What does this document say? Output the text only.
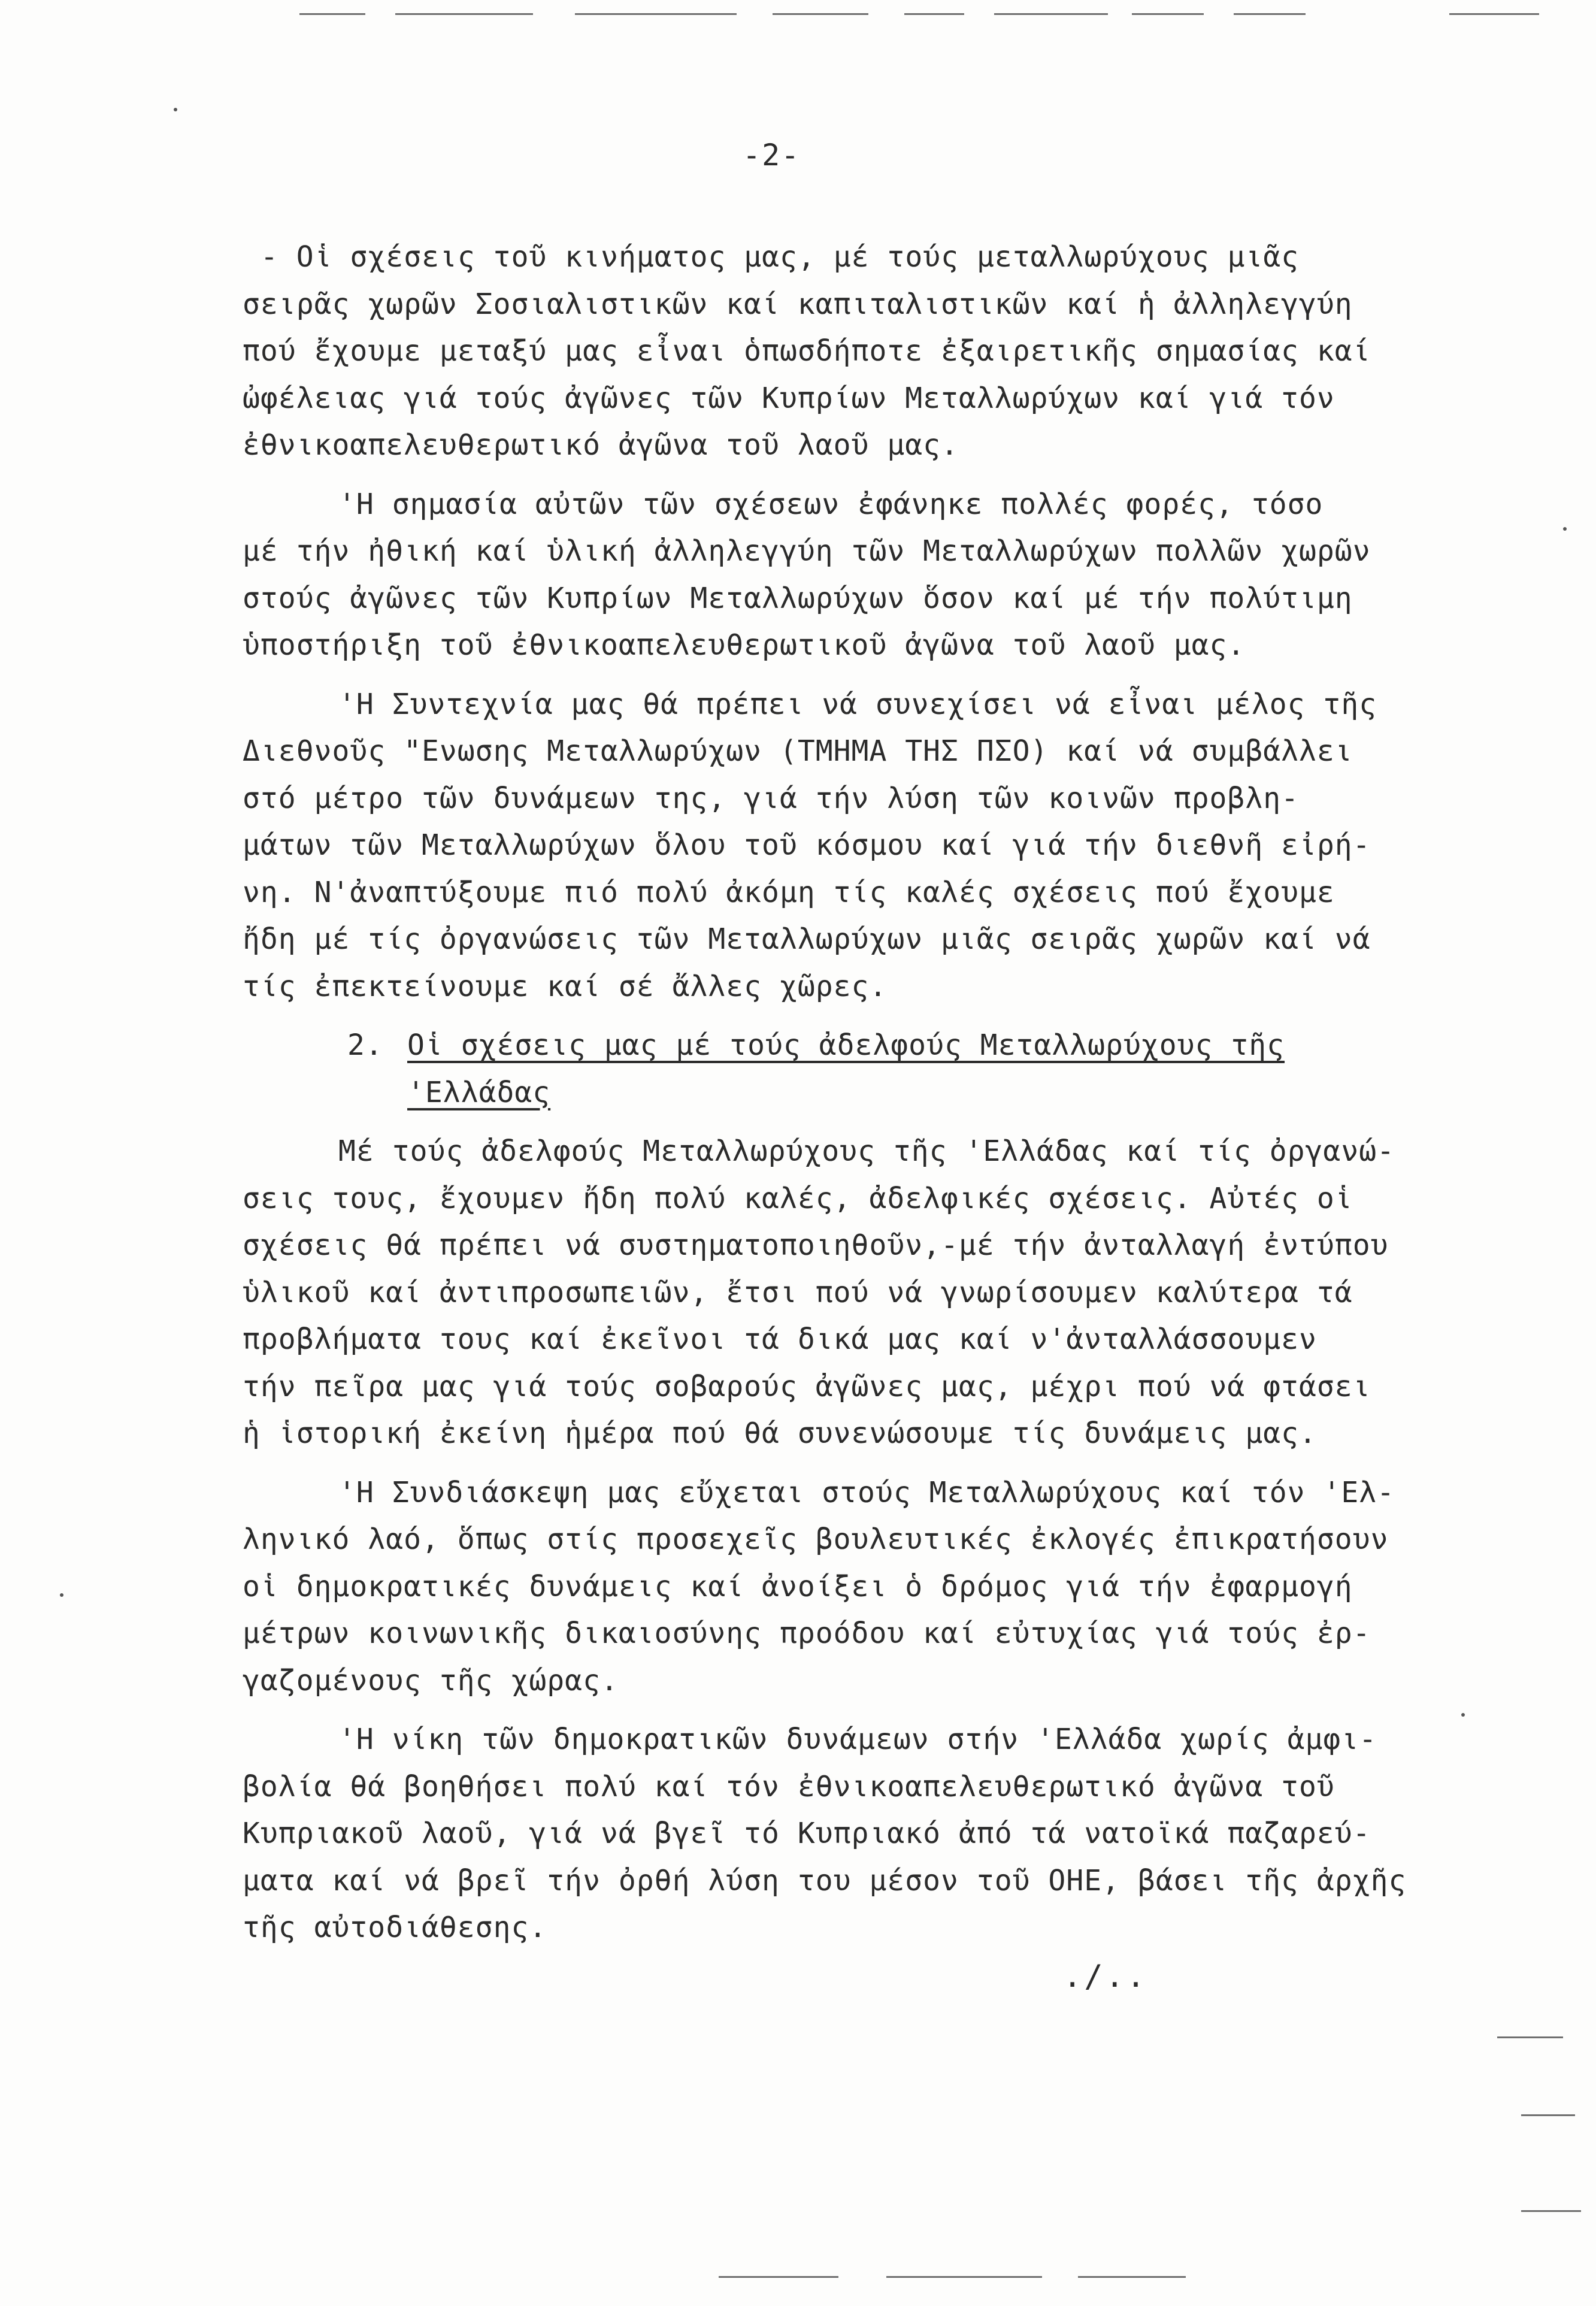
-2-
- Οἱ σχέσεις τοῦ κινήματος μας, μέ τούς μεταλλωρύχους μιᾶς
σειρᾶς χωρῶν Σοσιαλιστικῶν καί καπιταλιστικῶν καί ἡ ἀλληλεγγύη
πού ἔχουμε μεταξύ μας εἶναι ὁπωσδήποτε ἐξαιρετικῆς σημασίας καί
ὠφέλειας γιά τούς ἀγῶνες τῶν Κυπρίων Μεταλλωρύχων καί γιά τόν
ἐθνικοαπελευθερωτικό ἀγῶνα τοῦ λαοῦ μας.
'Η σημασία αὐτῶν τῶν σχέσεων ἐφάνηκε πολλές φορές, τόσο
μέ τήν ἠθική καί ὑλική ἀλληλεγγύη τῶν Μεταλλωρύχων πολλῶν χωρῶν
στούς ἀγῶνες τῶν Κυπρίων Μεταλλωρύχων ὅσον καί μέ τήν πολύτιμη
ὑποστήριξη τοῦ ἐθνικοαπελευθερωτικοῦ ἀγῶνα τοῦ λαοῦ μας.
'Η Συντεχνία μας θά πρέπει νά συνεχίσει νά εἶναι μέλος τῆς
Διεθνοῦς "Ενωσης Μεταλλωρύχων (ΤΜΗΜΑ ΤΗΣ ΠΣΟ) καί νά συμβάλλει
στό μέτρο τῶν δυνάμεων της, γιά τήν λύση τῶν κοινῶν προβλη-
μάτων τῶν Μεταλλωρύχων ὅλου τοῦ κόσμου καί γιά τήν διεθνῆ εἰρή-
νη. Ν'ἀναπτύξουμε πιό πολύ ἀκόμη τίς καλές σχέσεις πού ἔχουμε
ἤδη μέ τίς ὀργανώσεις τῶν Μεταλλωρύχων μιᾶς σειρᾶς χωρῶν καί νά
τίς ἐπεκτείνουμε καί σέ ἄλλες χῶρες.
2. Οἱ σχέσεις μας μέ τούς ἀδελφούς Μεταλλωρύχους τῆς
'Ελλάδας
Μέ τούς ἀδελφούς Μεταλλωρύχους τῆς 'Ελλάδας καί τίς ὀργανώ-
σεις τους, ἔχουμεν ἤδη πολύ καλές, ἀδελφικές σχέσεις. Αὐτές οἱ
σχέσεις θά πρέπει νά συστηματοποιηθοῦν,-μέ τήν ἀνταλλαγή ἐντύπου
ὑλικοῦ καί ἀντιπροσωπειῶν, ἔτσι πού νά γνωρίσουμεν καλύτερα τά
προβλήματα τους καί ἐκεῖνοι τά δικά μας καί ν'ἀνταλλάσσουμεν
τήν πεῖρα μας γιά τούς σοβαρούς ἀγῶνες μας, μέχρι πού νά φτάσει
ἡ ἱστορική ἐκείνη ἡμέρα πού θά συνενώσουμε τίς δυνάμεις μας.
'Η Συνδιάσκεψη μας εὔχεται στούς Μεταλλωρύχους καί τόν 'Ελ-
ληνικό λαό, ὅπως στίς προσεχεῖς βουλευτικές ἐκλογές ἐπικρατήσουν
οἱ δημοκρατικές δυνάμεις καί ἀνοίξει ὁ δρόμος γιά τήν ἐφαρμογή
μέτρων κοινωνικῆς δικαιοσύνης προόδου καί εὐτυχίας γιά τούς ἐρ-
γαζομένους τῆς χώρας.
'Η νίκη τῶν δημοκρατικῶν δυνάμεων στήν 'Ελλάδα χωρίς ἀμφι-
βολία θά βοηθήσει πολύ καί τόν ἐθνικοαπελευθερωτικό ἀγῶνα τοῦ
Κυπριακοῦ λαοῦ, γιά νά βγεῖ τό Κυπριακό ἀπό τά νατοϊκά παζαρεύ-
ματα καί νά βρεῖ τήν ὀρθή λύση του μέσον τοῦ ΟΗΕ, βάσει τῆς ἀρχῆς
τῆς αὐτοδιάθεσης.
./..
